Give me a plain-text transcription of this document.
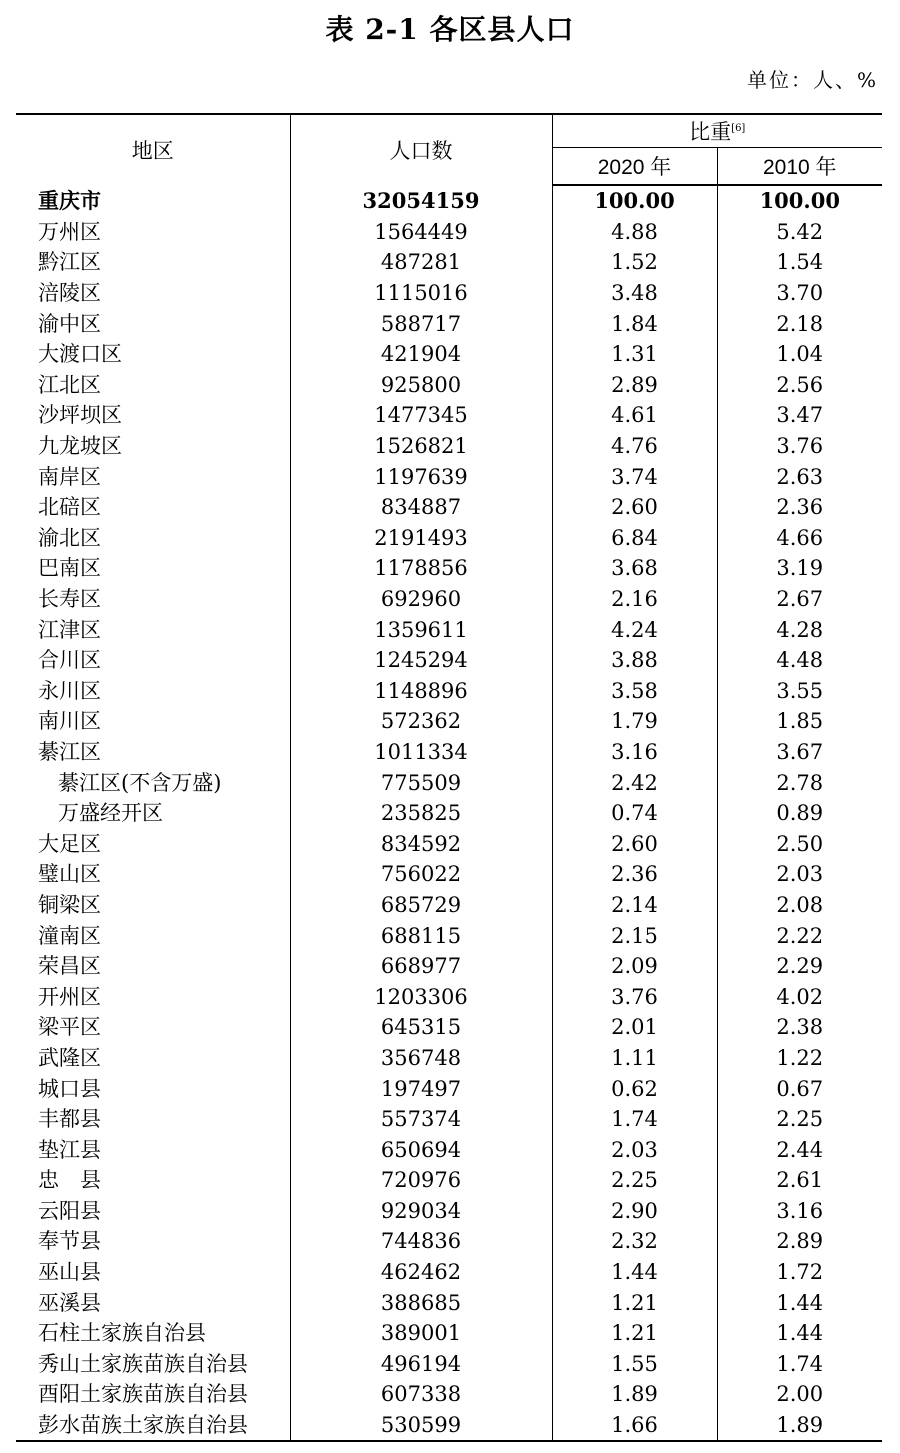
表 2-1 各区县人口
单位：人、%
地区	人口数	比重[6]
		2020 年	2010 年
重庆市	32054159	100.00	100.00
万州区	1564449	4.88	5.42
黔江区	487281	1.52	1.54
涪陵区	1115016	3.48	3.70
渝中区	588717	1.84	2.18
大渡口区	421904	1.31	1.04
江北区	925800	2.89	2.56
沙坪坝区	1477345	4.61	3.47
九龙坡区	1526821	4.76	3.76
南岸区	1197639	3.74	2.63
北碚区	834887	2.60	2.36
渝北区	2191493	6.84	4.66
巴南区	1178856	3.68	3.19
长寿区	692960	2.16	2.67
江津区	1359611	4.24	4.28
合川区	1245294	3.88	4.48
永川区	1148896	3.58	3.55
南川区	572362	1.79	1.85
綦江区	1011334	3.16	3.67
綦江区(不含万盛)	775509	2.42	2.78
万盛经开区	235825	0.74	0.89
大足区	834592	2.60	2.50
璧山区	756022	2.36	2.03
铜梁区	685729	2.14	2.08
潼南区	688115	2.15	2.22
荣昌区	668977	2.09	2.29
开州区	1203306	3.76	4.02
梁平区	645315	2.01	2.38
武隆区	356748	1.11	1.22
城口县	197497	0.62	0.67
丰都县	557374	1.74	2.25
垫江县	650694	2.03	2.44
忠　县	720976	2.25	2.61
云阳县	929034	2.90	3.16
奉节县	744836	2.32	2.89
巫山县	462462	1.44	1.72
巫溪县	388685	1.21	1.44
石柱土家族自治县	389001	1.21	1.44
秀山土家族苗族自治县	496194	1.55	1.74
酉阳土家族苗族自治县	607338	1.89	2.00
彭水苗族土家族自治县	530599	1.66	1.89
